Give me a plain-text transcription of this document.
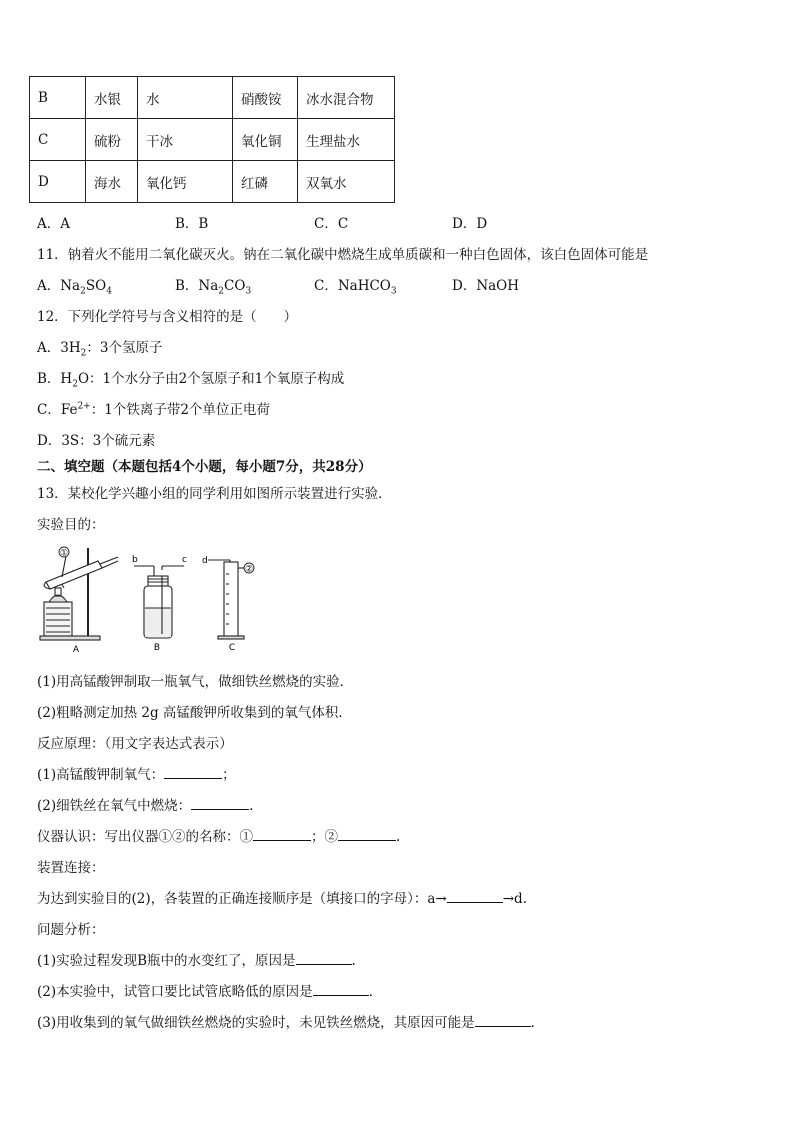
B	水银	水	硝酸铵	冰水混合物
C	硫粉	干冰	氧化铜	生理盐水
D	海水	氧化钙	红磷	双氧水
A．A	B．B	C．C	D．D
11．钠着火不能用二氧化碳灭火。钠在二氧化碳中燃烧生成单质碳和一种白色固体，该白色固体可能是
A．$Na_2SO_4$	B．$Na_2CO_3$	C．NaHCO$_3$	D．NaOH
12．下列化学符号与含义相符的是（　　）
A．$3H_2$：3个氢原子
B．$H_2O$：1个水分子由2个氢原子和1个氧原子构成
C．$Fe^{2+}$：1个铁离子带2个单位正电荷
D．3S：3个硫元素
二、填空题（本题包括4个小题，每小题7分，共28分）
13．某校化学兴趣小组的同学利用如图所示装置进行实验．
实验目的：
①
A
b	c
B
②
d
C
(1)用高锰酸钾制取一瓶氧气，做细铁丝燃烧的实验．
(2)粗略测定加热 2g 高锰酸钾所收集到的氧气体积．
反应原理：（用文字表达式表示）
(1)高锰酸钾制氧气：	；
(2)细铁丝在氧气中燃烧：	.
仪器认识：写出仪器①②的名称：①	；②	.
装置连接：
为达到实验目的(2)，各装置的正确连接顺序是（填接口的字母）：a→	→d.
问题分析：
(1)实验过程发现B瓶中的水变红了，原因是	.
(2)本实验中，试管口要比试管底略低的原因是	.
(3)用收集到的氧气做细铁丝燃烧的实验时，未见铁丝燃烧，其原因可能是	.
